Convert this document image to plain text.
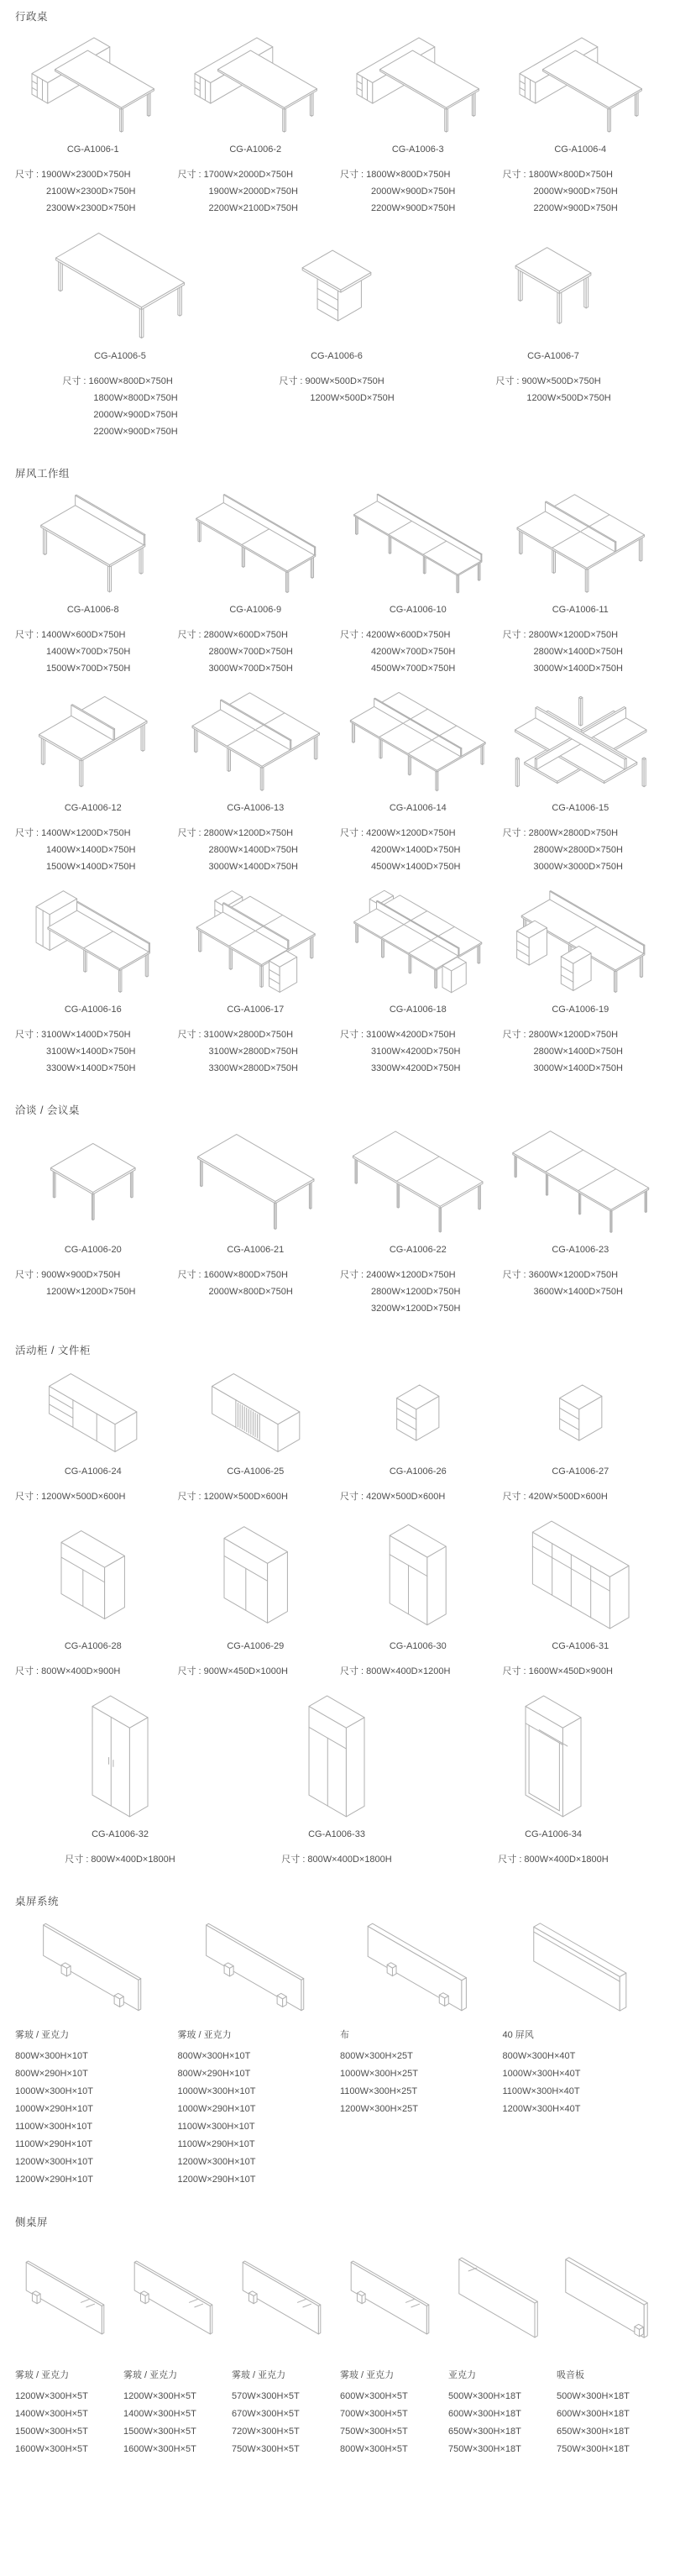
行政桌
CG-A1006-1
尺寸 : 1900W×2300D×750H
2100W×2300D×750H
2300W×2300D×750H
CG-A1006-2
尺寸 : 1700W×2000D×750H
1900W×2000D×750H
2200W×2100D×750H
CG-A1006-3
尺寸 : 1800W×800D×750H
2000W×900D×750H
2200W×900D×750H
CG-A1006-4
尺寸 : 1800W×800D×750H
2000W×900D×750H
2200W×900D×750H
CG-A1006-5
尺寸 : 1600W×800D×750H
1800W×800D×750H
2000W×900D×750H
2200W×900D×750H
CG-A1006-6
尺寸 : 900W×500D×750H
1200W×500D×750H
CG-A1006-7
尺寸 : 900W×500D×750H
1200W×500D×750H
屏风工作组
CG-A1006-8
尺寸 : 1400W×600D×750H
1400W×700D×750H
1500W×700D×750H
CG-A1006-9
尺寸 : 2800W×600D×750H
2800W×700D×750H
3000W×700D×750H
CG-A1006-10
尺寸 : 4200W×600D×750H
4200W×700D×750H
4500W×700D×750H
CG-A1006-11
尺寸 : 2800W×1200D×750H
2800W×1400D×750H
3000W×1400D×750H
CG-A1006-12
尺寸 : 1400W×1200D×750H
1400W×1400D×750H
1500W×1400D×750H
CG-A1006-13
尺寸 : 2800W×1200D×750H
2800W×1400D×750H
3000W×1400D×750H
CG-A1006-14
尺寸 : 4200W×1200D×750H
4200W×1400D×750H
4500W×1400D×750H
CG-A1006-15
尺寸 : 2800W×2800D×750H
2800W×2800D×750H
3000W×3000D×750H
CG-A1006-16
尺寸 : 3100W×1400D×750H
3100W×1400D×750H
3300W×1400D×750H
CG-A1006-17
尺寸 : 3100W×2800D×750H
3100W×2800D×750H
3300W×2800D×750H
CG-A1006-18
尺寸 : 3100W×4200D×750H
3100W×4200D×750H
3300W×4200D×750H
CG-A1006-19
尺寸 : 2800W×1200D×750H
2800W×1400D×750H
3000W×1400D×750H
洽谈 / 会议桌
CG-A1006-20
尺寸 : 900W×900D×750H
1200W×1200D×750H
CG-A1006-21
尺寸 : 1600W×800D×750H
2000W×800D×750H
CG-A1006-22
尺寸 : 2400W×1200D×750H
2800W×1200D×750H
3200W×1200D×750H
CG-A1006-23
尺寸 : 3600W×1200D×750H
3600W×1400D×750H
活动柜 / 文件柜
CG-A1006-24
尺寸 : 1200W×500D×600H
CG-A1006-25
尺寸 : 1200W×500D×600H
CG-A1006-26
尺寸 : 420W×500D×600H
CG-A1006-27
尺寸 : 420W×500D×600H
CG-A1006-28
尺寸 : 800W×400D×900H
CG-A1006-29
尺寸 : 900W×450D×1000H
CG-A1006-30
尺寸 : 800W×400D×1200H
CG-A1006-31
尺寸 : 1600W×450D×900H
CG-A1006-32
尺寸 : 800W×400D×1800H
CG-A1006-33
尺寸 : 800W×400D×1800H
CG-A1006-34
尺寸 : 800W×400D×1800H
桌屏系统
雾玻 / 亚克力
800W×300H×10T
800W×290H×10T
1000W×300H×10T
1000W×290H×10T
1100W×300H×10T
1100W×290H×10T
1200W×300H×10T
1200W×290H×10T
雾玻 / 亚克力
800W×300H×10T
800W×290H×10T
1000W×300H×10T
1000W×290H×10T
1100W×300H×10T
1100W×290H×10T
1200W×300H×10T
1200W×290H×10T
布
800W×300H×25T
1000W×300H×25T
1100W×300H×25T
1200W×300H×25T
40 屏风
800W×300H×40T
1000W×300H×40T
1100W×300H×40T
1200W×300H×40T
侧桌屏
雾玻 / 亚克力
1200W×300H×5T
1400W×300H×5T
1500W×300H×5T
1600W×300H×5T
雾玻 / 亚克力
1200W×300H×5T
1400W×300H×5T
1500W×300H×5T
1600W×300H×5T
雾玻 / 亚克力
570W×300H×5T
670W×300H×5T
720W×300H×5T
750W×300H×5T
雾玻 / 亚克力
600W×300H×5T
700W×300H×5T
750W×300H×5T
800W×300H×5T
亚克力
500W×300H×18T
600W×300H×18T
650W×300H×18T
750W×300H×18T
吸音板
500W×300H×18T
600W×300H×18T
650W×300H×18T
750W×300H×18T
